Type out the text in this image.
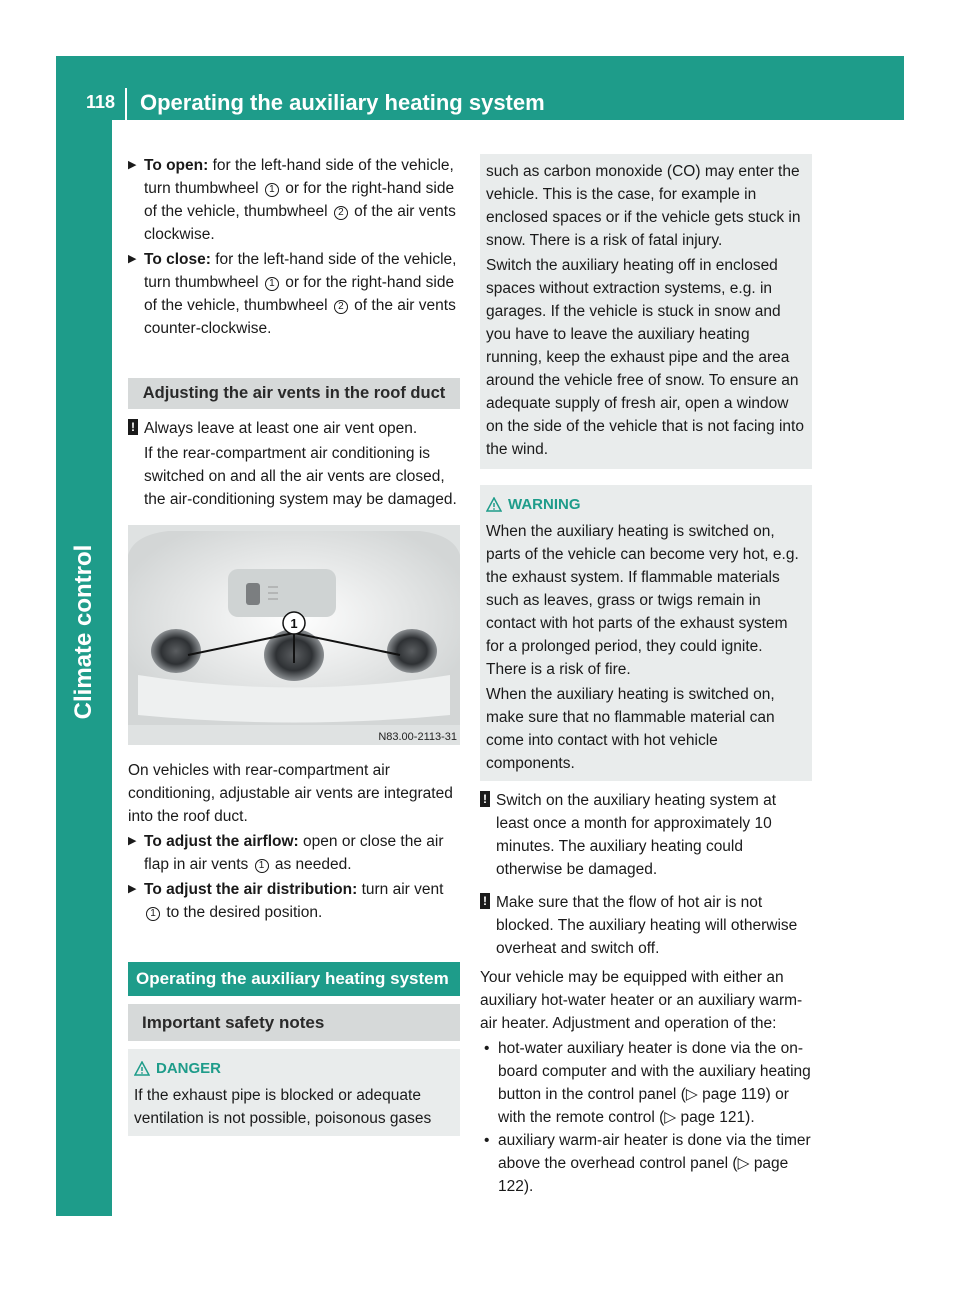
118 Operating the auxiliary heating system
Climate control
▶ To open: for the left-hand side of the vehicle, turn thumbwheel 1 or for the right-hand side of the vehicle, thumbwheel 2 of the air vents clockwise.
▶ To close: for the left-hand side of the vehicle, turn thumbwheel 1 or for the right-hand side of the vehicle, thumbwheel 2 of the air vents counter-clockwise.
Adjusting the air vents in the roof duct
! Always leave at least one air vent open.
If the rear-compartment air conditioning is switched on and all the air vents are closed, the air-conditioning system may be damaged.
1
N83.00-2113-31
On vehicles with rear-compartment air conditioning, adjustable air vents are integrated into the roof duct.
▶ To adjust the airflow: open or close the air flap in air vents 1 as needed.
▶ To adjust the air distribution: turn air vent 1 to the desired position.
Operating the auxiliary heating system
Important safety notes
DANGER
If the exhaust pipe is blocked or adequate ventilation is not possible, poisonous gases
such as carbon monoxide (CO) may enter the vehicle. This is the case, for example in enclosed spaces or if the vehicle gets stuck in snow. There is a risk of fatal injury.
Switch the auxiliary heating off in enclosed spaces without extraction systems, e.g. in garages. If the vehicle is stuck in snow and you have to leave the auxiliary heating running, keep the exhaust pipe and the area around the vehicle free of snow. To ensure an adequate supply of fresh air, open a window on the side of the vehicle that is not facing into the wind.
WARNING
When the auxiliary heating is switched on, parts of the vehicle can become very hot, e.g. the exhaust system. If flammable materials such as leaves, grass or twigs remain in contact with hot parts of the exhaust system for a prolonged period, they could ignite. There is a risk of fire.
When the auxiliary heating is switched on, make sure that no flammable material can come into contact with hot vehicle components.
! Switch on the auxiliary heating system at least once a month for approximately 10 minutes. The auxiliary heating could otherwise be damaged.
! Make sure that the flow of hot air is not blocked. The auxiliary heating will otherwise overheat and switch off.
Your vehicle may be equipped with either an auxiliary hot-water heater or an auxiliary warm-air heater. Adjustment and operation of the:
• hot-water auxiliary heater is done via the on-board computer and with the auxiliary heating button in the control panel (▷ page 119) or with the remote control (▷ page 121).
• auxiliary warm-air heater is done via the timer above the overhead control panel (▷ page 122).
